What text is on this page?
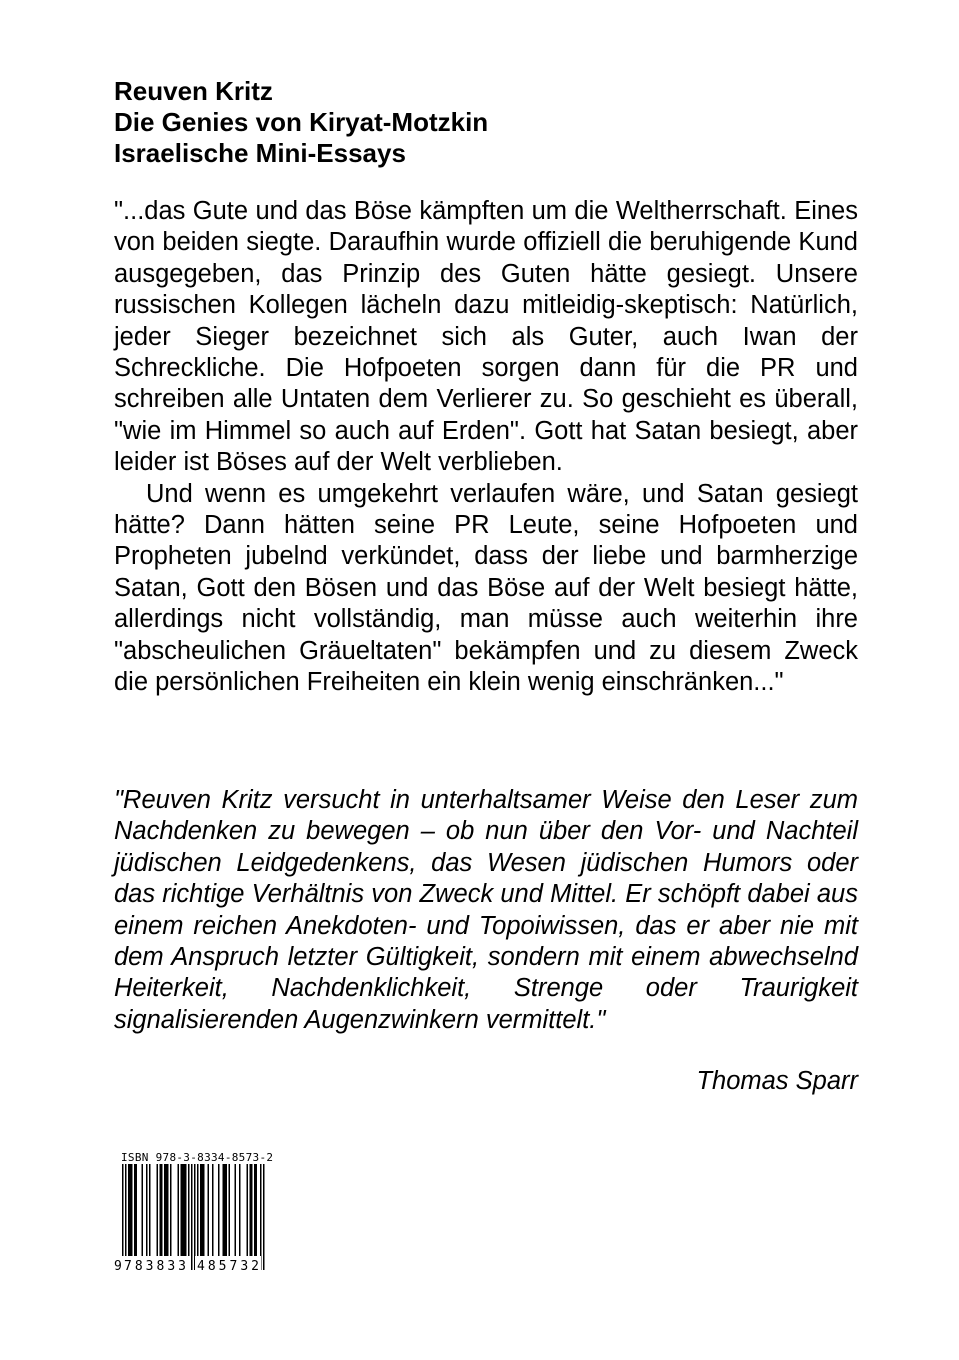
Reuven Kritz
Die Genies von Kiryat-Motzkin
Israelische Mini-Essays

"...das Gute und das Böse kämpften um die Weltherrschaft. Eines von beiden siegte. Daraufhin wurde offiziell die beruhigende Kund ausgegeben, das Prinzip des Guten hätte gesiegt. Unsere russischen Kollegen lächeln dazu mitleidig-skeptisch: Natürlich, jeder Sieger bezeichnet sich als Guter, auch Iwan der Schreckliche. Die Hofpoeten sorgen dann für die PR und schreiben alle Untaten dem Verlierer zu. So geschieht es überall, "wie im Himmel so auch auf Erden". Gott hat Satan besiegt, aber leider ist Böses auf der Welt verblieben.

Und wenn es umgekehrt verlaufen wäre, und Satan gesiegt hätte? Dann hätten seine PR Leute, seine Hofpoeten und Propheten jubelnd verkündet, dass der liebe und barmherzige Satan, Gott den Bösen und das Böse auf der Welt besiegt hätte, allerdings nicht vollständig, man müsse auch weiterhin ihre "abscheulichen Gräueltaten" bekämpfen und zu diesem Zweck die persönlichen Freiheiten ein klein wenig einschränken..."

"Reuven Kritz versucht in unterhaltsamer Weise den Leser zum Nachdenken zu bewegen – ob nun über den Vor- und Nachteil jüdischen Leidgedenkens, das Wesen jüdischen Humors oder das richtige Verhältnis von Zweck und Mittel. Er schöpft dabei aus einem reichen Anekdoten- und Topoiwissen, das er aber nie mit dem Anspruch letzter Gültigkeit, sondern mit einem abwechselnd Heiterkeit, Nachdenklichkeit, Strenge oder Traurigkeit signalisierenden Augenzwinkern vermittelt."
Thomas Sparr
ISBN 978-3-8334-8573-2
9 783833 485732
